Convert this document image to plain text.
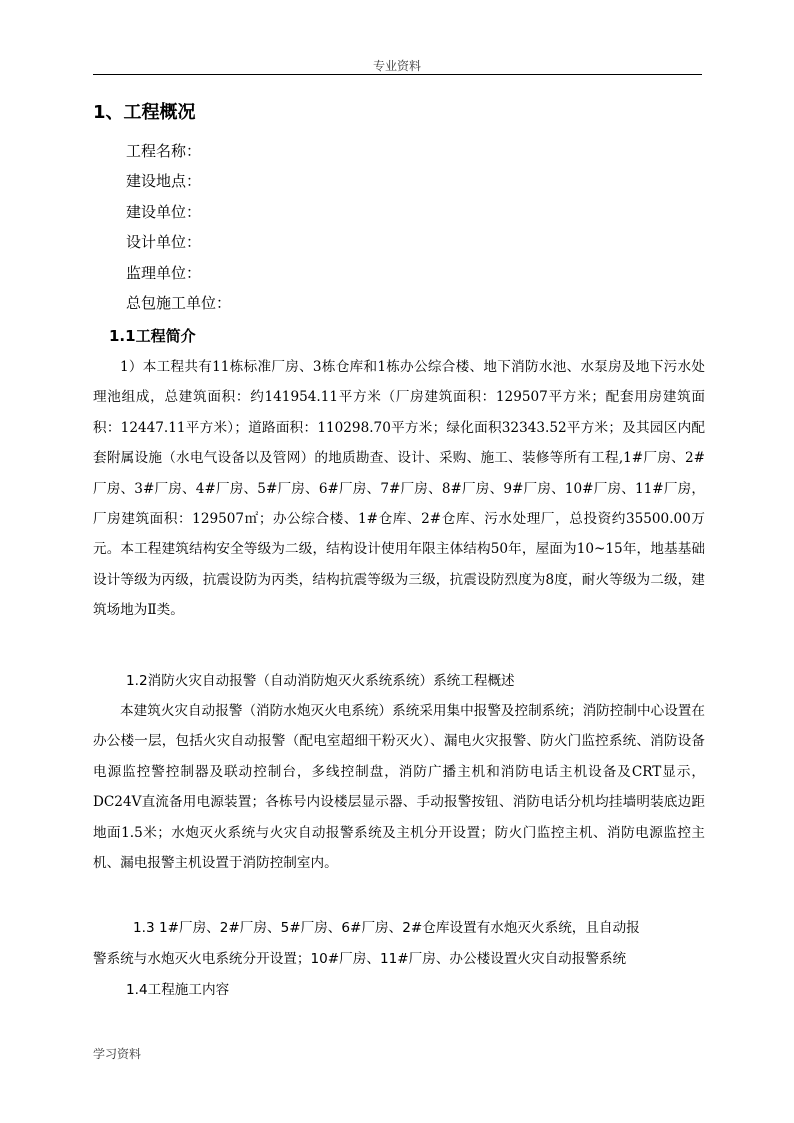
专业资料
1、工程概况
工程名称：
建设地点：
建设单位：
设计单位：
监理单位：
总包施工单位：
1.1工程简介

1）本工程共有11栋标准厂房、3栋仓库和1栋办公综合楼、地下消防水池、水泵房及地下污水处理池组成，总建筑面积：约141954.11平方米（厂房建筑面积：129507平方米；配套用房建筑面积：12447.11平方米）；道路面积：110298.70平方米；绿化面积32343.52平方米；及其园区内配套附属设施（水电气设备以及管网）的地质勘查、设计、采购、施工、装修等所有工程,1#厂房、2#厂房、3#厂房、4#厂房、5#厂房、6#厂房、7#厂房、8#厂房、9#厂房、10#厂房、11#厂房，厂房建筑面积：129507㎡；办公综合楼、1#仓库、2#仓库、污水处理厂，总投资约35500.00万元。本工程建筑结构安全等级为二级，结构设计使用年限主体结构50年，屋面为10~15年，地基基础设计等级为丙级，抗震设防为丙类，结构抗震等级为三级，抗震设防烈度为8度，耐火等级为二级，建筑场地为Ⅱ类。

1.2消防火灾自动报警（自动消防炮灭火系统系统）系统工程概述

本建筑火灾自动报警（消防水炮灭火电系统）系统采用集中报警及控制系统；消防控制中心设置在办公楼一层，包括火灾自动报警（配电室超细干粉灭火）、漏电火灾报警、防火门监控系统、消防设备电源监控警控制器及联动控制台，多线控制盘，消防广播主机和消防电话主机设备及CRT显示，DC24V直流备用电源装置；各栋号内设楼层显示器、手动报警按钮、消防电话分机均挂墙明装底边距地面1.5米；水炮灭火系统与火灾自动报警系统及主机分开设置；防火门监控主机、消防电源监控主机、漏电报警主机设置于消防控制室内。

1.3 1#厂房、2#厂房、5#厂房、6#厂房、2#仓库设置有水炮灭火系统，且自动报
警系统与水炮灭火电系统分开设置；10#厂房、11#厂房、办公楼设置火灾自动报警系统
1.4工程施工内容
学习资料
